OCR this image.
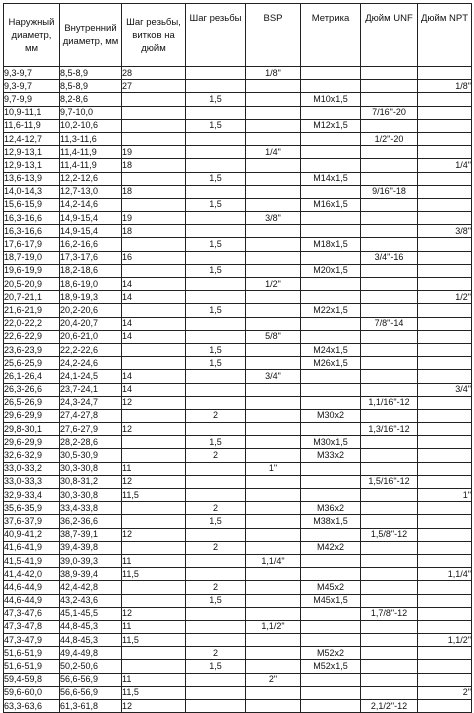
Наружный диаметр, мм	Внутренний диаметр, мм	Шаг резьбы, витков на дюйм	Шаг резьбы	BSP	Метрика	Дюйм UNF	Дюйм NPT
9,3-9,7	8,5-8,9	28		1/8"			
9,3-9,7	8,5-8,9	27					1/8"
9,7-9,9	8,2-8,6		1,5		M10x1,5		
10,9-11,1	9,7-10,0					7/16"-20	
11,6-11,9	10,2-10,6		1,5		M12x1,5		
12,4-12,7	11,3-11,6					1/2"-20	
12,9-13,1	11,4-11,9	19		1/4"			
12,9-13,1	11,4-11,9	18					1/4"
13,6-13,9	12,2-12,6		1,5		M14x1,5		
14,0-14,3	12,7-13,0	18				9/16"-18	
15,6-15,9	14,2-14,6		1,5		M16x1,5		
16,3-16,6	14,9-15,4	19		3/8"			
16,3-16,6	14,9-15,4	18					3/8"
17,6-17,9	16,2-16,6		1,5		M18x1,5		
18,7-19,0	17,3-17,6	16				3/4"-16	
19,6-19,9	18,2-18,6		1,5		M20x1,5		
20,5-20,9	18,6-19,0	14		1/2"			
20,7-21,1	18,9-19,3	14					1/2"
21,6-21,9	20,2-20,6		1,5		M22x1,5		
22,0-22,2	20,4-20,7	14				7/8"-14	
22,6-22,9	20,6-21,0	14		5/8"			
23,6-23,9	22,2-22,6		1,5		M24x1,5		
25,6-25,9	24,2-24,6		1,5		M26x1,5		
26,1-26,4	24,1-24,5	14		3/4"			
26,3-26,6	23,7-24,1	14					3/4"
26,5-26,9	24,3-24,7	12				1,1/16"-12	
29,6-29,9	27,4-27,8		2		M30x2		
29,8-30,1	27,6-27,9	12				1,3/16"-12	
29,6-29,9	28,2-28,6		1,5		M30x1,5		
32,6-32,9	30,5-30,9		2		M33x2		
33,0-33,2	30,3-30,8	11		1"			
33,0-33,3	30,8-31,2	12				1,5/16"-12	
32,9-33,4	30,3-30,8	11,5					1"
35,6-35,9	33,4-33,8		2		M36x2		
37,6-37,9	36,2-36,6		1,5		M38x1,5		
40,9-41,2	38,7-39,1	12				1,5/8"-12	
41,6-41,9	39,4-39,8		2		M42x2		
41,5-41,9	39,0-39,3	11		1,1/4"			
41,4-42,0	38,9-39,4	11,5					1,1/4"
44,6-44,9	42,4-42,8		2		M45x2		
44,6-44,9	43,2-43,6		1,5		M45x1,5		
47,3-47,6	45,1-45,5	12				1,7/8"-12	
47,3-47,8	44,8-45,3	11		1,1/2"			
47,3-47,9	44,8-45,3	11,5					1,1/2"
51,6-51,9	49,4-49,8		2		M52x2		
51,6-51,9	50,2-50,6		1,5		M52x1,5		
59,4-59,8	56,6-56,9	11		2"			
59,6-60,0	56,6-56,9	11,5					2"
63,3-63,6	61,3-61,8	12				2,1/2"-12	
